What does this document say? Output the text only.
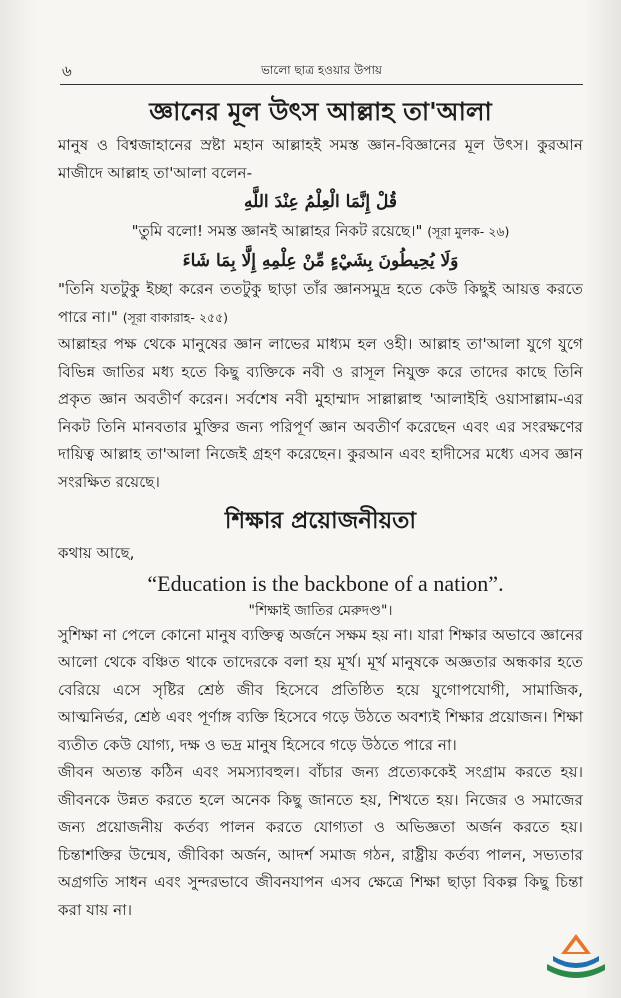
৬	ভালো ছাত্র হওয়ার উপায়
জ্ঞানের মূল উৎস আল্লাহ তা'আলা

মানুষ ও বিশ্বজাহানের স্রষ্টা মহান আল্লাহই সমস্ত জ্ঞান-বিজ্ঞানের মূল উৎস। কুরআন মাজীদে আল্লাহ তা'আলা বলেন-

قُلْ إِنَّمَا الْعِلْمُ عِنْدَ اللَّهِ

"তুমি বলো! সমস্ত জ্ঞানই আল্লাহর নিকট রয়েছে।" (সূরা মুলক- ২৬)

وَلَا يُحِيطُونَ بِشَيْءٍ مِّنْ عِلْمِهِ إِلَّا بِمَا شَاءَ

"তিনি যতটুকু ইচ্ছা করেন ততটুকু ছাড়া তাঁর জ্ঞানসমুদ্র হতে কেউ কিছুই আয়ত্ত করতে পারে না।" (সূরা বাকারাহ- ২৫৫)

আল্লাহর পক্ষ থেকে মানুষের জ্ঞান লাভের মাধ্যম হল ওহী। আল্লাহ তা'আলা যুগে যুগে বিভিন্ন জাতির মধ্য হতে কিছু ব্যক্তিকে নবী ও রাসূল নিযুক্ত করে তাদের কাছে তিনি প্রকৃত জ্ঞান অবতীর্ণ করেন। সর্বশেষ নবী মুহাম্মাদ সাল্লাল্লাহু 'আলাইহি ওয়াসাল্লাম-এর নিকট তিনি মানবতার মুক্তির জন্য পরিপূর্ণ জ্ঞান অবতীর্ণ করেছেন এবং এর সংরক্ষণের দায়িত্ব আল্লাহ তা'আলা নিজেই গ্রহণ করেছেন। কুরআন এবং হাদীসের মধ্যে এসব জ্ঞান সংরক্ষিত রয়েছে।

শিক্ষার প্রয়োজনীয়তা

কথায় আছে,

“Education is the backbone of a nation”.

"শিক্ষাই জাতির মেরুদণ্ড"।

সুশিক্ষা না পেলে কোনো মানুষ ব্যক্তিত্ব অর্জনে সক্ষম হয় না। যারা শিক্ষার অভাবে জ্ঞানের আলো থেকে বঞ্চিত থাকে তাদেরকে বলা হয় মূর্খ। মূর্খ মানুষকে অজ্ঞতার অন্ধকার হতে বেরিয়ে এসে সৃষ্টির শ্রেষ্ঠ জীব হিসেবে প্রতিষ্ঠিত হয়ে যুগোপযোগী, সামাজিক, আত্মনির্ভর, শ্রেষ্ঠ এবং পূর্ণাঙ্গ ব্যক্তি হিসেবে গড়ে উঠতে অবশ্যই শিক্ষার প্রয়োজন। শিক্ষা ব্যতীত কেউ যোগ্য, দক্ষ ও ভদ্র মানুষ হিসেবে গড়ে উঠতে পারে না।

জীবন অত্যন্ত কঠিন এবং সমস্যাবহুল। বাঁচার জন্য প্রত্যেককেই সংগ্রাম করতে হয়। জীবনকে উন্নত করতে হলে অনেক কিছু জানতে হয়, শিখতে হয়। নিজের ও সমাজের জন্য প্রয়োজনীয় কর্তব্য পালন করতে যোগ্যতা ও অভিজ্ঞতা অর্জন করতে হয়। চিন্তাশক্তির উন্মেষ, জীবিকা অর্জন, আদর্শ সমাজ গঠন, রাষ্ট্রীয় কর্তব্য পালন, সভ্যতার অগ্রগতি সাধন এবং সুন্দরভাবে জীবনযাপন এসব ক্ষেত্রে শিক্ষা ছাড়া বিকল্প কিছু চিন্তা করা যায় না।
